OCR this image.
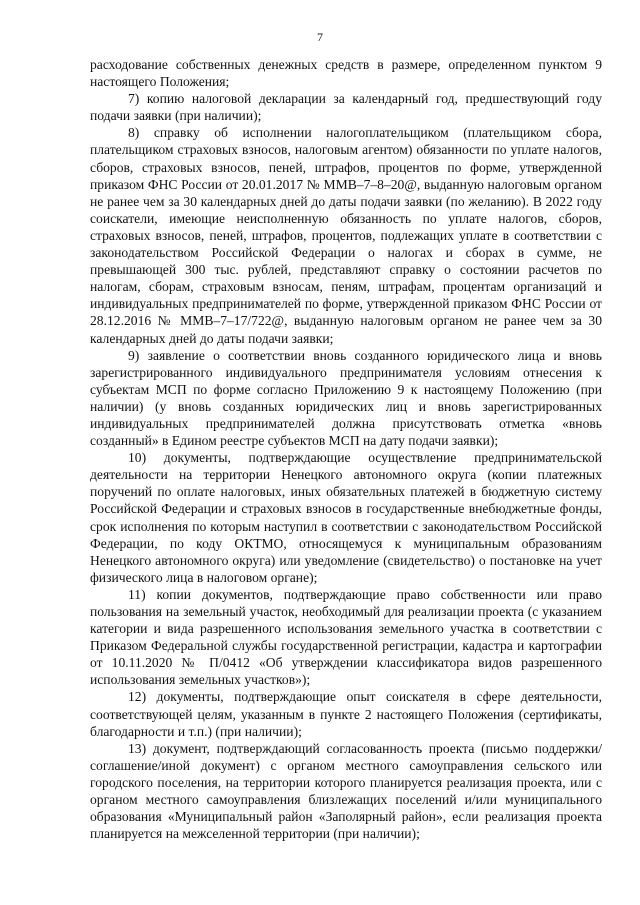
7

расходование собственных денежных средств в размере, определенном пунктом 9 настоящего Положения;

7) копию налоговой декларации за календарный год, предшествующий году подачи заявки (при наличии);

8) справку об исполнении налогоплательщиком (плательщиком сбора, плательщиком страховых взносов, налоговым агентом) обязанности по уплате налогов, сборов, страховых взносов, пеней, штрафов, процентов по форме, утвержденной приказом ФНС России от 20.01.2017 № ММВ–7–8–20@, выданную налоговым органом не ранее чем за 30 календарных дней до даты подачи заявки (по желанию). В 2022 году соискатели, имеющие неисполненную обязанность по уплате налогов, сборов, страховых взносов, пеней, штрафов, процентов, подлежащих уплате в соответствии с законодательством Российской Федерации о налогах и сборах в сумме, не превышающей 300 тыс. рублей, представляют справку о состоянии расчетов по налогам, сборам, страховым взносам, пеням, штрафам, процентам организаций и индивидуальных предпринимателей по форме, утвержденной приказом ФНС России от 28.12.2016 № ММВ–7–17/722@, выданную налоговым органом не ранее чем за 30 календарных дней до даты подачи заявки;

9) заявление о соответствии вновь созданного юридического лица и вновь зарегистрированного индивидуального предпринимателя условиям отнесения к субъектам МСП по форме согласно Приложению 9 к настоящему Положению (при наличии) (у вновь созданных юридических лиц и вновь зарегистрированных индивидуальных предпринимателей должна присутствовать отметка «вновь созданный» в Едином реестре субъектов МСП на дату подачи заявки);

10) документы, подтверждающие осуществление предпринимательской деятельности на территории Ненецкого автономного округа (копии платежных поручений по оплате налоговых, иных обязательных платежей в бюджетную систему Российской Федерации и страховых взносов в государственные внебюджетные фонды, срок исполнения по которым наступил в соответствии с законодательством Российской Федерации, по коду ОКТМО, относящемуся к муниципальным образованиям Ненецкого автономного округа) или уведомление (свидетельство) о постановке на учет физического лица в налоговом органе);

11) копии документов, подтверждающие право собственности или право пользования на земельный участок, необходимый для реализации проекта (с указанием категории и вида разрешенного использования земельного участка в соответствии с Приказом Федеральной службы государственной регистрации, кадастра и картографии от 10.11.2020 № П/0412 «Об утверждении классификатора видов разрешенного использования земельных участков»);

12) документы, подтверждающие опыт соискателя в сфере деятельности, соответствующей целям, указанным в пункте 2 настоящего Положения (сертификаты, благодарности и т.п.) (при наличии);

13) документ, подтверждающий согласованность проекта (письмо поддержки/соглашение/иной документ) с органом местного самоуправления сельского или городского поселения, на территории которого планируется реализация проекта, или с органом местного самоуправления близлежащих поселений и/или муниципального образования «Муниципальный район «Заполярный район», если реализация проекта планируется на межселенной территории (при наличии);
